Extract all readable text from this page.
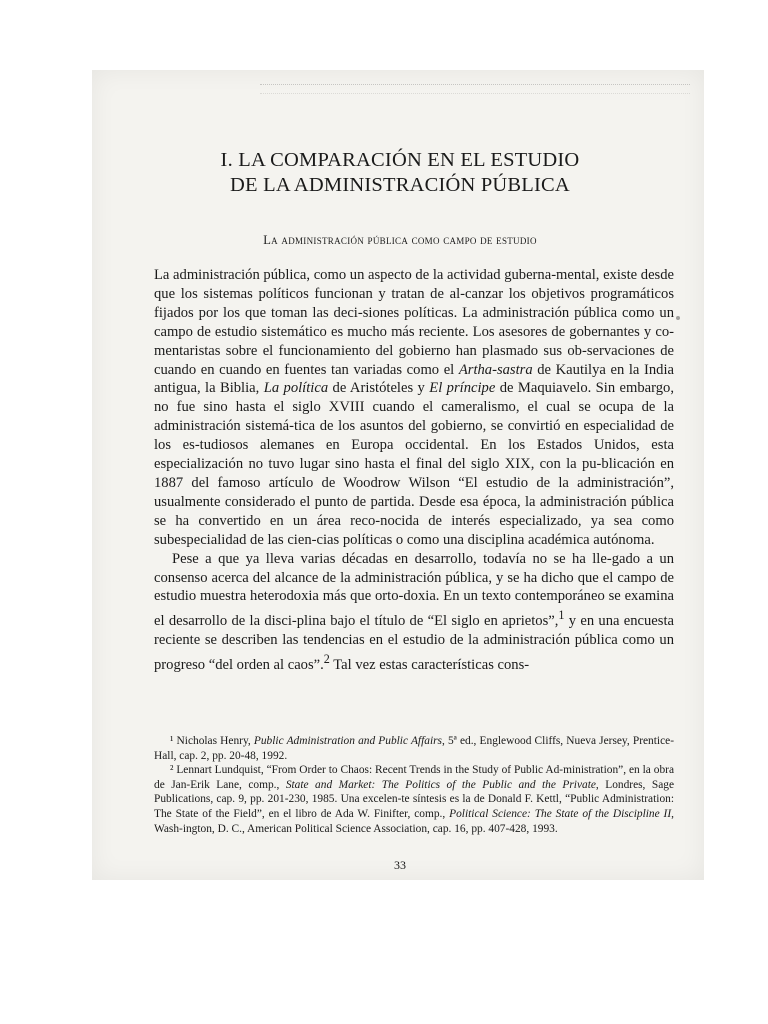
I. LA COMPARACIÓN EN EL ESTUDIO
DE LA ADMINISTRACIÓN PÚBLICA
La administración pública como campo de estudio

La administración pública, como un aspecto de la actividad guberna-mental, existe desde que los sistemas políticos funcionan y tratan de al-canzar los objetivos programáticos fijados por los que toman las deci-siones políticas. La administración pública como un campo de estudio sistemático es mucho más reciente. Los asesores de gobernantes y co-mentaristas sobre el funcionamiento del gobierno han plasmado sus ob-servaciones de cuando en cuando en fuentes tan variadas como el Artha-sastra de Kautilya en la India antigua, la Biblia, La política de Aristóteles y El príncipe de Maquiavelo. Sin embargo, no fue sino hasta el siglo XVIII cuando el cameralismo, el cual se ocupa de la administración sistemá-tica de los asuntos del gobierno, se convirtió en especialidad de los es-tudiosos alemanes en Europa occidental. En los Estados Unidos, esta especialización no tuvo lugar sino hasta el final del siglo XIX, con la pu-blicación en 1887 del famoso artículo de Woodrow Wilson “El estudio de la administración”, usualmente considerado el punto de partida. Desde esa época, la administración pública se ha convertido en un área reco-nocida de interés especializado, ya sea como subespecialidad de las cien-cias políticas o como una disciplina académica autónoma.

Pese a que ya lleva varias décadas en desarrollo, todavía no se ha lle-gado a un consenso acerca del alcance de la administración pública, y se ha dicho que el campo de estudio muestra heterodoxia más que orto-doxia. En un texto contemporáneo se examina el desarrollo de la disci-plina bajo el título de “El siglo en aprietos”,$^1$ y en una encuesta reciente se describen las tendencias en el estudio de la administración pública como un progreso “del orden al caos”.$^2$ Tal vez estas características cons-

¹ Nicholas Henry, Public Administration and Public Affairs, 5ª ed., Englewood Cliffs, Nueva Jersey, Prentice-Hall, cap. 2, pp. 20-48, 1992.

² Lennart Lundquist, “From Order to Chaos: Recent Trends in the Study of Public Ad-ministration”, en la obra de Jan-Erik Lane, comp., State and Market: The Politics of the Public and the Private, Londres, Sage Publications, cap. 9, pp. 201-230, 1985. Una excelen-te síntesis es la de Donald F. Kettl, “Public Administration: The State of the Field”, en el libro de Ada W. Finifter, comp., Political Science: The State of the Discipline II, Wash-ington, D. C., American Political Science Association, cap. 16, pp. 407-428, 1993.

33
